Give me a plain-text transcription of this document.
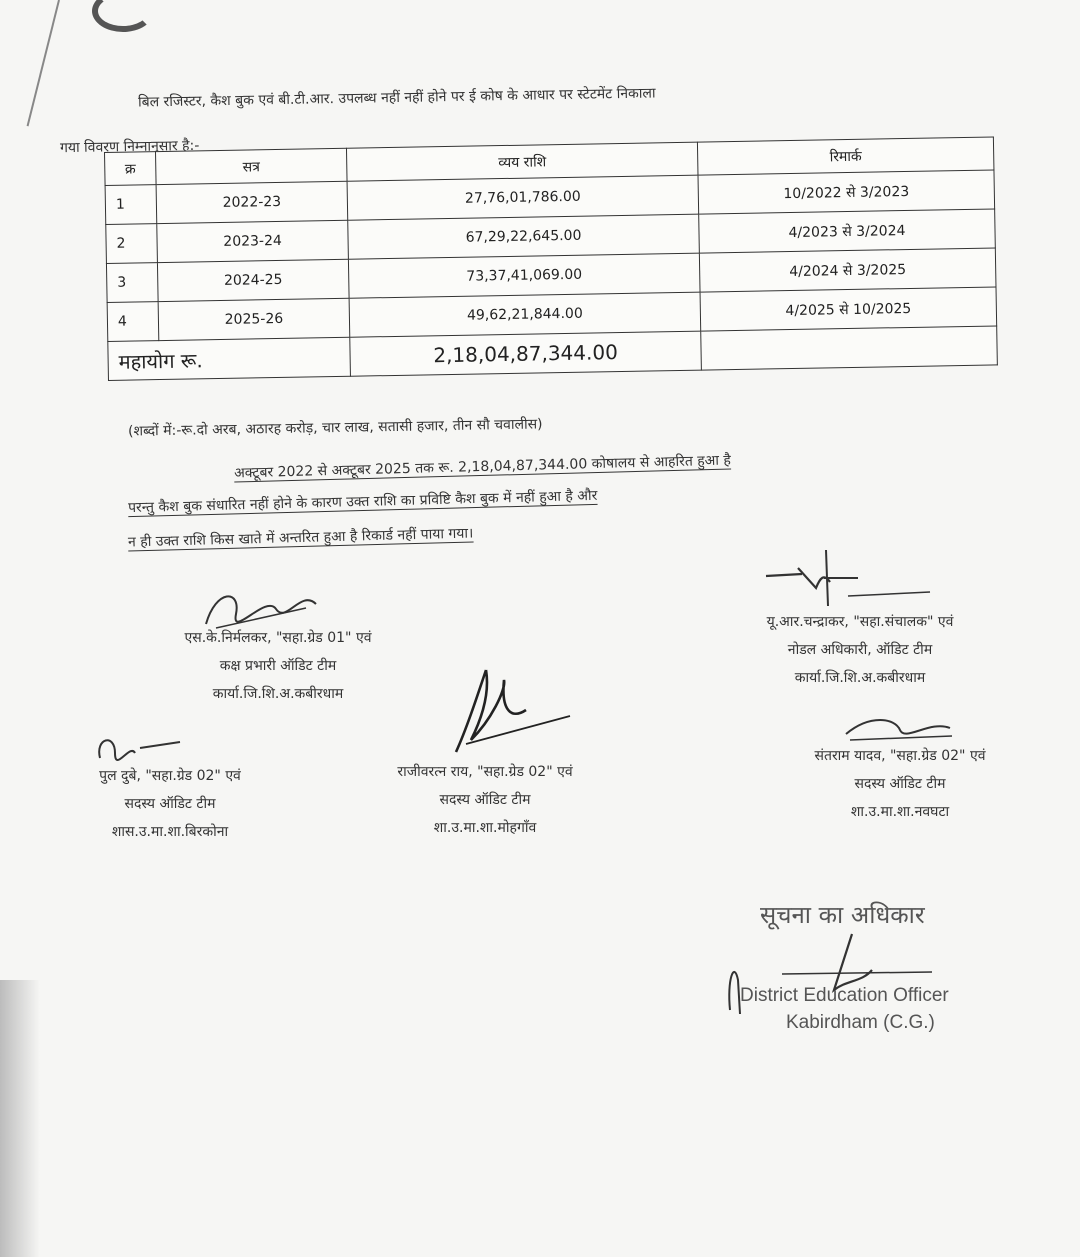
बिल रजिस्टर, कैश बुक एवं बी.टी.आर. उपलब्ध नहीं नहीं होने पर ई कोष के आधार पर स्टेटमेंट निकाला
गया विवरण निम्नानुसार है:-
क्र	सत्र	व्यय राशि	रिमार्क
1	2022-23	27,76,01,786.00	10/2022 से 3/2023
2	2023-24	67,29,22,645.00	4/2023 से 3/2024
3	2024-25	73,37,41,069.00	4/2024 से 3/2025
4	2025-26	49,62,21,844.00	4/2025 से 10/2025
महायोग रू.		2,18,04,87,344.00	
(शब्दों में:-रू.दो अरब, अठारह करोड़, चार लाख, सतासी हजार, तीन सौ चवालीस)
अक्टूबर 2022 से अक्टूबर 2025 तक रू. 2,18,04,87,344.00 कोषालय से आहरित हुआ है
परन्तु कैश बुक संधारित नहीं होने के कारण उक्त राशि का प्रविष्टि कैश बुक में नहीं हुआ है और
न ही उक्त राशि किस खाते में अन्तरित हुआ है रिकार्ड नहीं पाया गया।
एस.के.निर्मलकर, "सहा.ग्रेड 01" एवं
कक्ष प्रभारी ऑडिट टीम
कार्या.जि.शि.अ.कबीरधाम
यू.आर.चन्द्राकर, "सहा.संचालक" एवं
नोडल अधिकारी, ऑडिट टीम
कार्या.जि.शि.अ.कबीरधाम
पुल दुबे, "सहा.ग्रेड 02" एवं
सदस्य ऑडिट टीम
शास.उ.मा.शा.बिरकोना
राजीवरत्न राय, "सहा.ग्रेड 02" एवं
सदस्य ऑडिट टीम
शा.उ.मा.शा.मोहगाँव
संतराम यादव, "सहा.ग्रेड 02" एवं
सदस्य ऑडिट टीम
शा.उ.मा.शा.नवघटा
सूचना का अधिकार
District Education Officer
Kabirdham (C.G.)
